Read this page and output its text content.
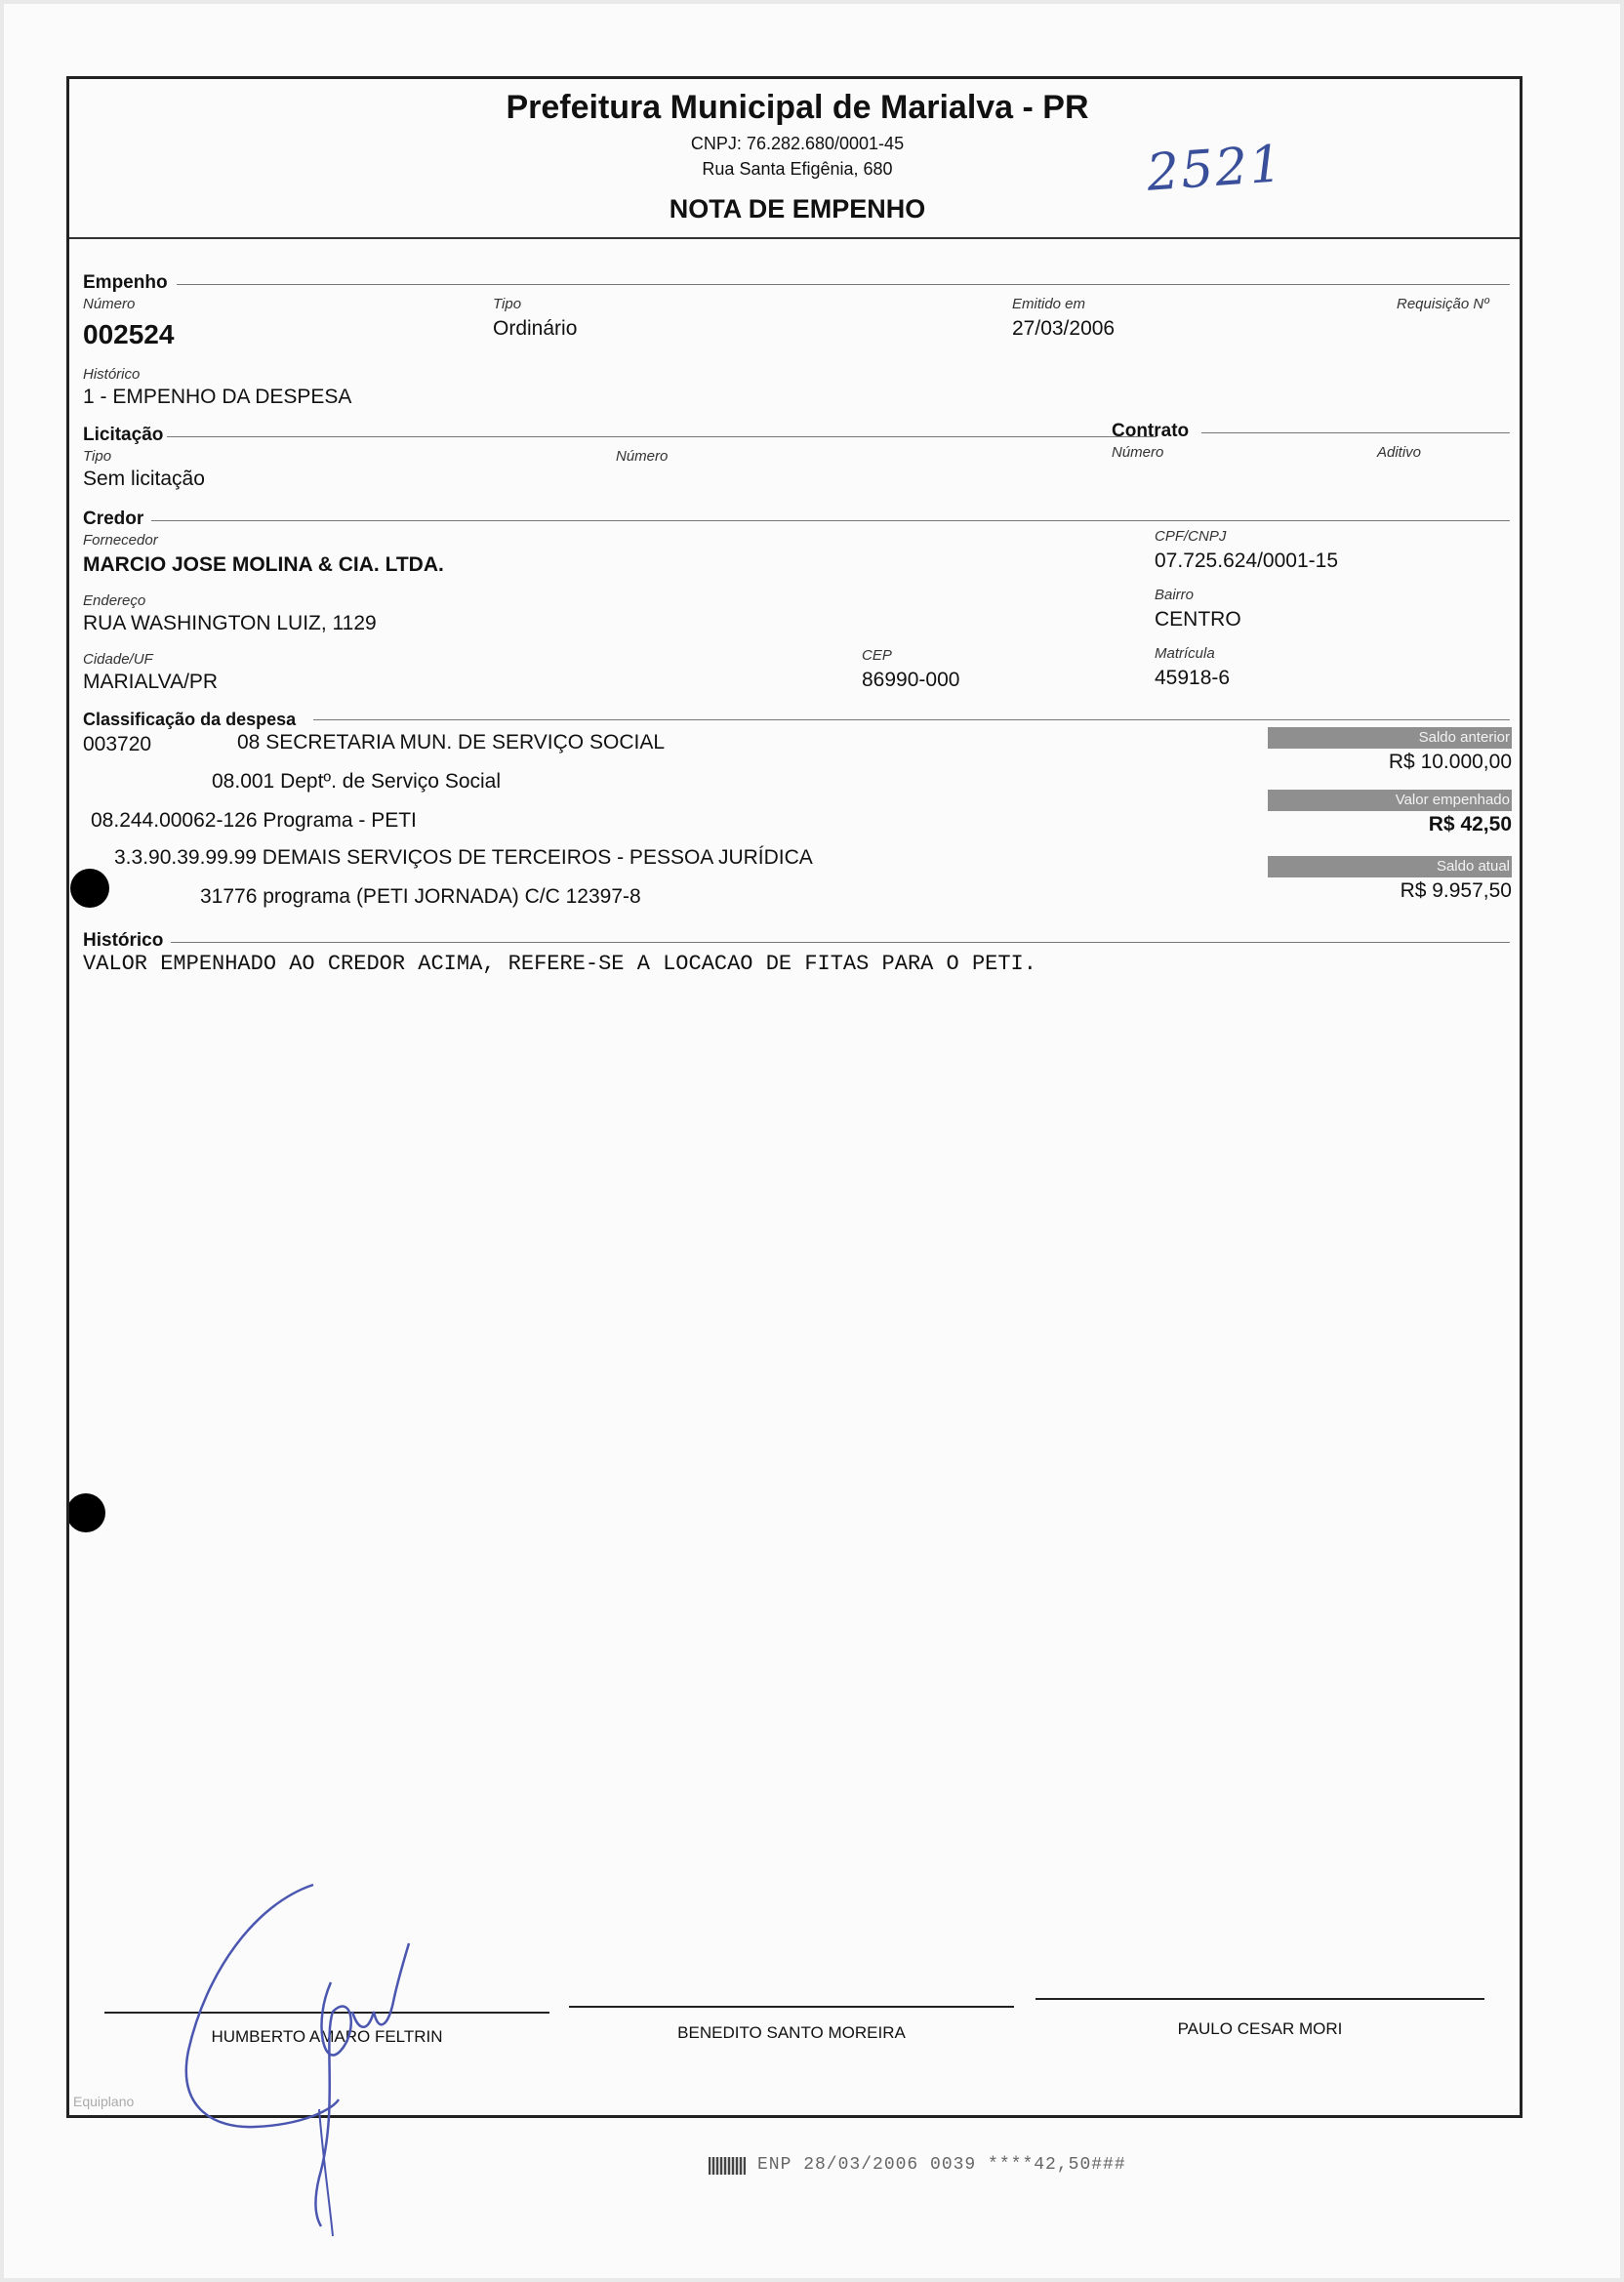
Prefeitura Municipal de Marialva - PR
CNPJ: 76.282.680/0001-45
Rua Santa Efigênia, 680
NOTA DE EMPENHO
2521
Empenho
Número
002524
Tipo
Ordinário
Emitido em
27/03/2006
Requisição Nº
Histórico
1 - EMPENHO DA DESPESA
Licitação	Contrato
Tipo
Sem licitação
Número	Número	Aditivo
Credor
Fornecedor
MARCIO JOSE MOLINA & CIA. LTDA.
CPF/CNPJ
07.725.624/0001-15
Endereço
RUA WASHINGTON LUIZ, 1129
Bairro
CENTRO
Cidade/UF
MARIALVA/PR
CEP
86990-000
Matrícula
45918-6
Classificação da despesa
003720	08 SECRETARIA MUN. DE SERVIÇO SOCIAL
08.001 Deptº. de Serviço Social
08.244.00062-126 Programa - PETI
3.3.90.39.99.99 DEMAIS SERVIÇOS DE TERCEIROS - PESSOA JURÍDICA
31776 programa (PETI JORNADA) C/C 12397-8
Saldo anterior
R$ 10.000,00
Valor empenhado
R$ 42,50
Saldo atual
R$ 9.957,50
Histórico
VALOR EMPENHADO AO CREDOR ACIMA, REFERE-SE A LOCACAO DE FITAS PARA O PETI.
HUMBERTO AMARO FELTRIN	BENEDITO SANTO MOREIRA	PAULO CESAR MORI
Equiplano
ENP 28/03/2006 0039 ****42,50###
